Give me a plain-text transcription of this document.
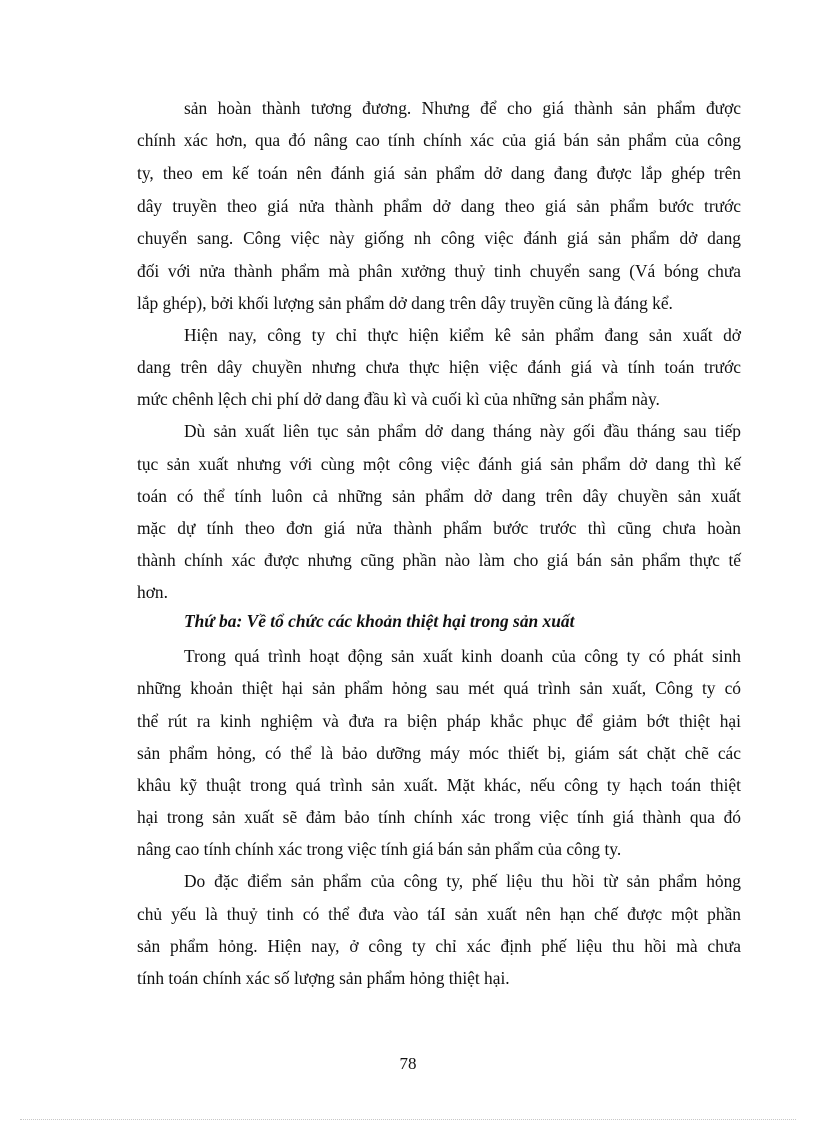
sản hoàn thành tương đương. Nhưng để cho giá thành sản phẩm được
chính xác hơn, qua đó nâng cao tính chính xác của giá bán sản phẩm của công
ty, theo em kế toán nên đánh giá sản phẩm dở dang đang được lắp ghép trên
dây truyền theo giá nửa thành phẩm dở dang theo giá sản phẩm bước trước
chuyển sang. Công việc này giống nh công việc đánh giá sản phẩm dở dang
đối với nửa thành phẩm mà phân xưởng thuỷ tinh chuyển sang (Vá bóng chưa
lắp ghép), bởi khối lượng sản phẩm dở dang trên dây truyền cũng là đáng kể.
Hiện nay, công ty chỉ thực hiện kiểm kê sản phẩm đang sản xuất dở
dang trên dây chuyền nhưng chưa thực hiện việc đánh giá và tính toán trước
mức chênh lệch chi phí dở dang đầu kì và cuối kì của những sản phẩm này.
Dù sản xuất liên tục sản phẩm dở dang tháng này gối đầu tháng sau tiếp
tục sản xuất nhưng với cùng một công việc đánh giá sản phẩm dở dang thì kế
toán có thể tính luôn cả những sản phẩm dở dang trên dây chuyền sản xuất
mặc dự tính theo đơn giá nửa thành phẩm bước trước thì cũng chưa hoàn
thành chính xác được nhưng cũng phần nào làm cho giá bán sản phẩm thực tế
hơn.
Thứ ba: Về tổ chức các khoản thiệt hại trong sản xuất
Trong quá trình hoạt động sản xuất kinh doanh của công ty có phát sinh
những khoản thiệt hại sản phẩm hỏng sau mét quá trình sản xuất, Công ty có
thể rút ra kinh nghiệm và đưa ra biện pháp khắc phục để giảm bớt thiệt hại
sản phẩm hỏng, có thể là bảo dưỡng máy móc thiết bị, giám sát chặt chẽ các
khâu kỹ thuật trong quá trình sản xuất. Mặt khác, nếu công ty hạch toán thiệt
hại trong sản xuất sẽ đảm bảo tính chính xác trong việc tính giá thành qua đó
nâng cao tính chính xác trong việc tính giá bán sản phẩm của công ty.
Do đặc điểm sản phẩm của công ty, phế liệu thu hồi từ sản phẩm hỏng
chủ yếu là thuỷ tinh có thể đưa vào táI sản xuất nên hạn chế được một phần
sản phẩm hỏng. Hiện nay, ở công ty chỉ xác định phế liệu thu hồi mà chưa
tính toán chính xác số lượng sản phẩm hỏng thiệt hại.
78
